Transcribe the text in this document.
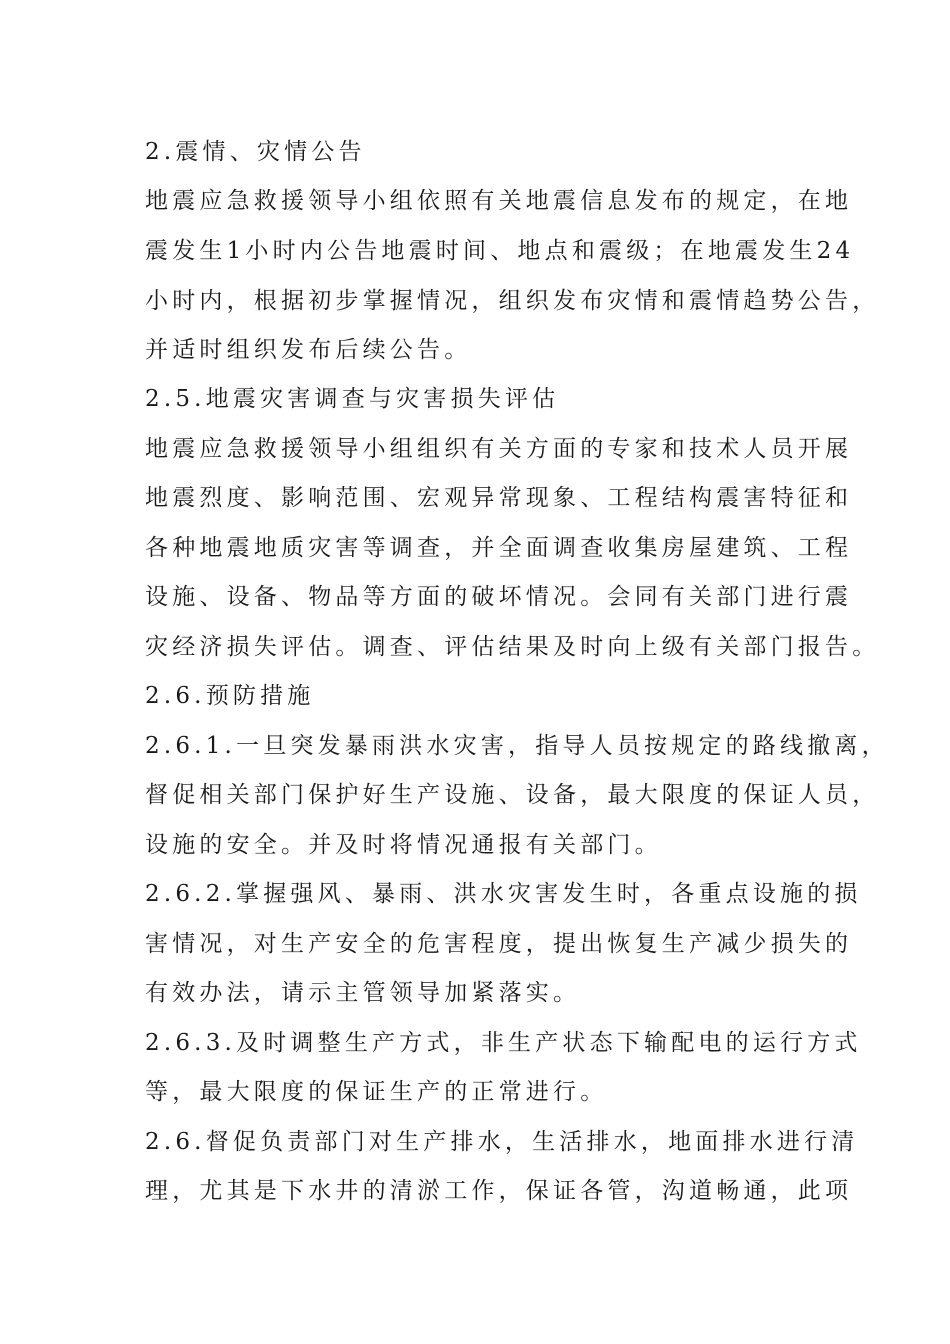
2.震情、灾情公告
地震应急救援领导小组依照有关地震信息发布的规定，在地
震发生1小时内公告地震时间、地点和震级；在地震发生24
小时内，根据初步掌握情况，组织发布灾情和震情趋势公告，
并适时组织发布后续公告。
2.5.地震灾害调查与灾害损失评估
地震应急救援领导小组组织有关方面的专家和技术人员开展
地震烈度、影响范围、宏观异常现象、工程结构震害特征和
各种地震地质灾害等调查，并全面调查收集房屋建筑、工程
设施、设备、物品等方面的破坏情况。会同有关部门进行震
灾经济损失评估。调查、评估结果及时向上级有关部门报告。
2.6.预防措施
2.6.1.一旦突发暴雨洪水灾害，指导人员按规定的路线撤离，
督促相关部门保护好生产设施、设备，最大限度的保证人员，
设施的安全。并及时将情况通报有关部门。
2.6.2.掌握强风、暴雨、洪水灾害发生时，各重点设施的损
害情况，对生产安全的危害程度，提出恢复生产减少损失的
有效办法，请示主管领导加紧落实。
2.6.3.及时调整生产方式，非生产状态下输配电的运行方式
等，最大限度的保证生产的正常进行。
2.6.督促负责部门对生产排水，生活排水，地面排水进行清
理，尤其是下水井的清淤工作，保证各管，沟道畅通，此项
